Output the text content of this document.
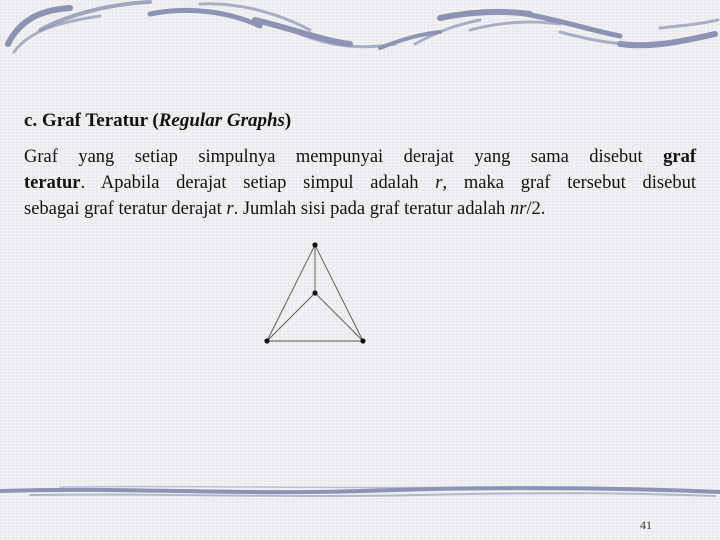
c. Graf Teratur (Regular Graphs)

Graf yang setiap simpulnya mempunyai derajat yang sama disebut graf
teratur. Apabila derajat setiap simpul adalah r, maka graf tersebut disebut
sebagai graf teratur derajat r. Jumlah sisi pada graf teratur adalah nr/2.

41
